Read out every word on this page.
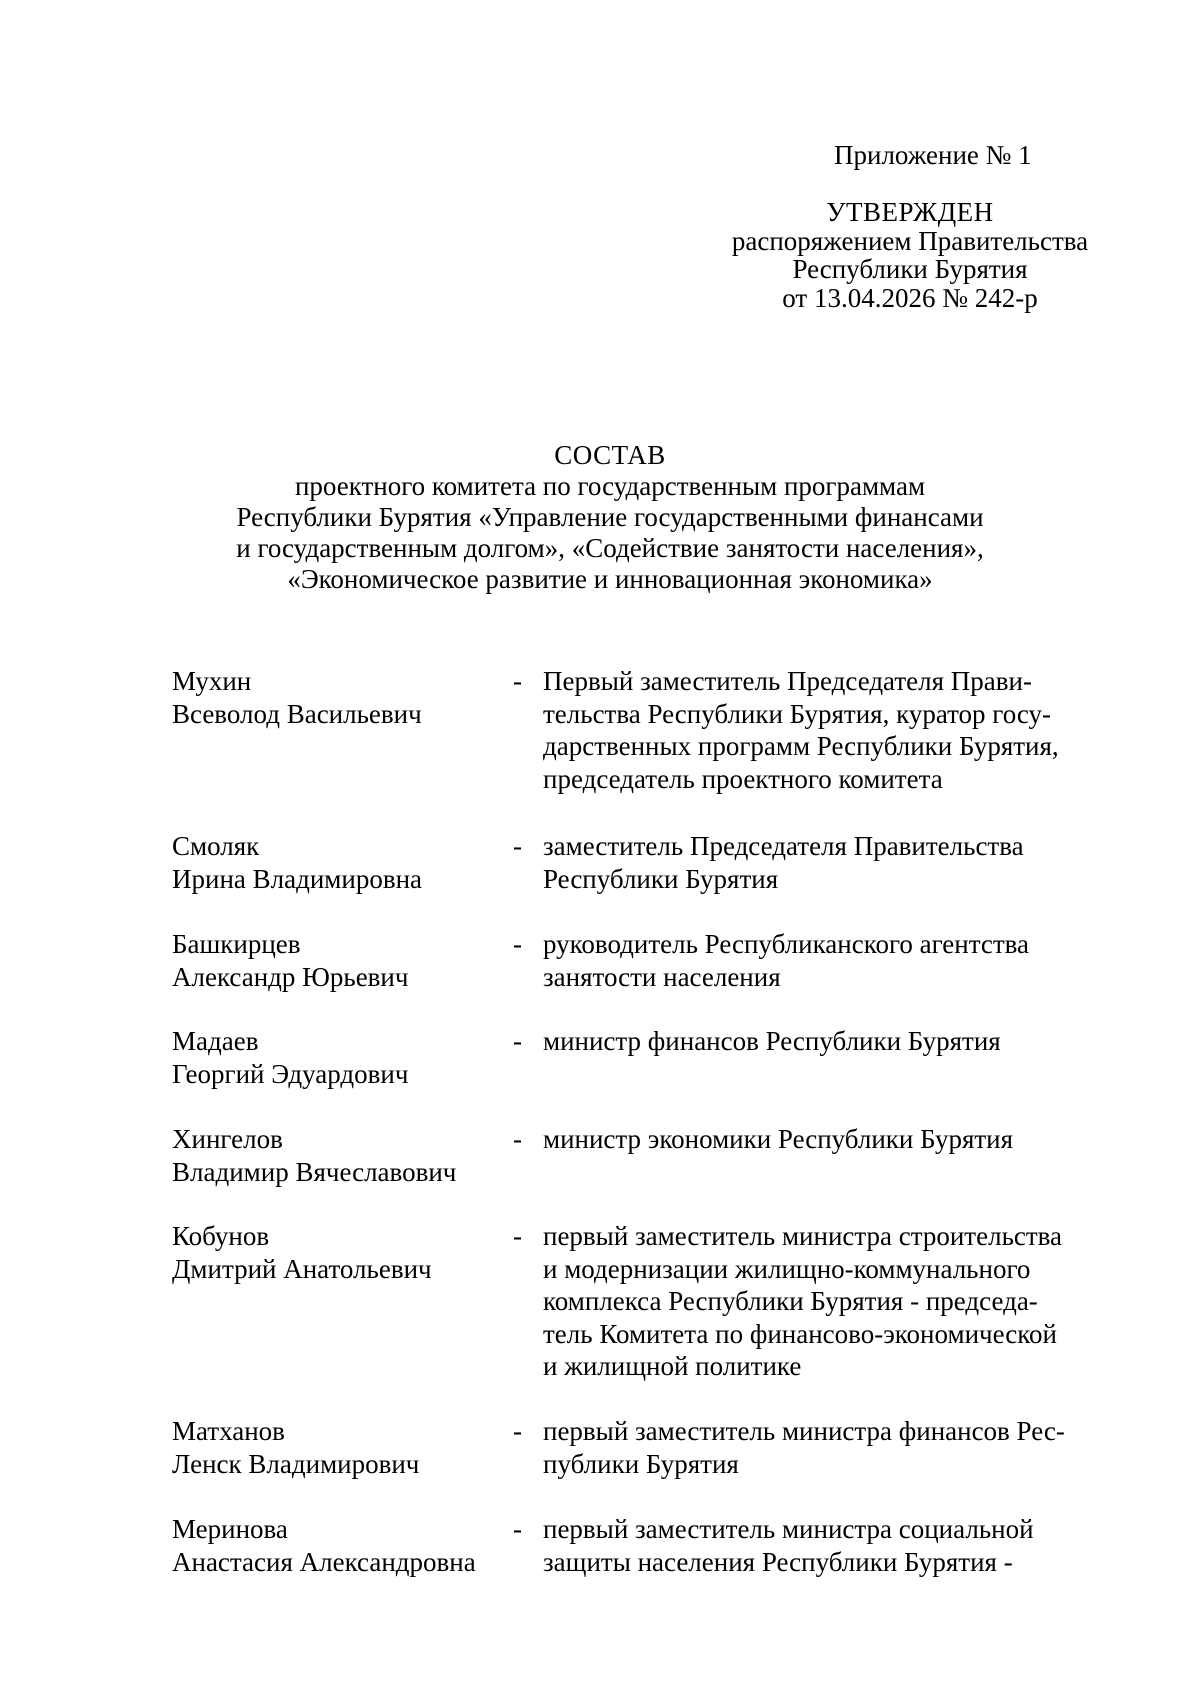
Приложение № 1
УТВЕРЖДЕН
распоряжением Правительства
Республики Бурятия
от 13.04.2026 № 242-р
СОСТАВ
проектного комитета по государственным программам
Республики Бурятия «Управление государственными финансами
и государственным долгом», «Содействие занятости населения»,
«Экономическое развитие и инновационная экономика»
Мухин
Всеволод Васильевич
- Первый заместитель Председателя Прави-
тельства Республики Бурятия, куратор госу-
дарственных программ Республики Бурятия,
председатель проектного комитета
Смоляк
Ирина Владимировна
- заместитель Председателя Правительства
Республики Бурятия
Башкирцев
Александр Юрьевич
- руководитель Республиканского агентства
занятости населения
Мадаев
Георгий Эдуардович
- министр финансов Республики Бурятия
Хингелов
Владимир Вячеславович
- министр экономики Республики Бурятия
Кобунов
Дмитрий Анатольевич
- первый заместитель министра строительства
и модернизации жилищно-коммунального
комплекса Республики Бурятия - председа-
тель Комитета по финансово-экономической
и жилищной политике
Матханов
Ленск Владимирович
- первый заместитель министра финансов Рес-
публики Бурятия
Меринова
Анастасия Александровна
- первый заместитель министра социальной
защиты населения Республики Бурятия -
